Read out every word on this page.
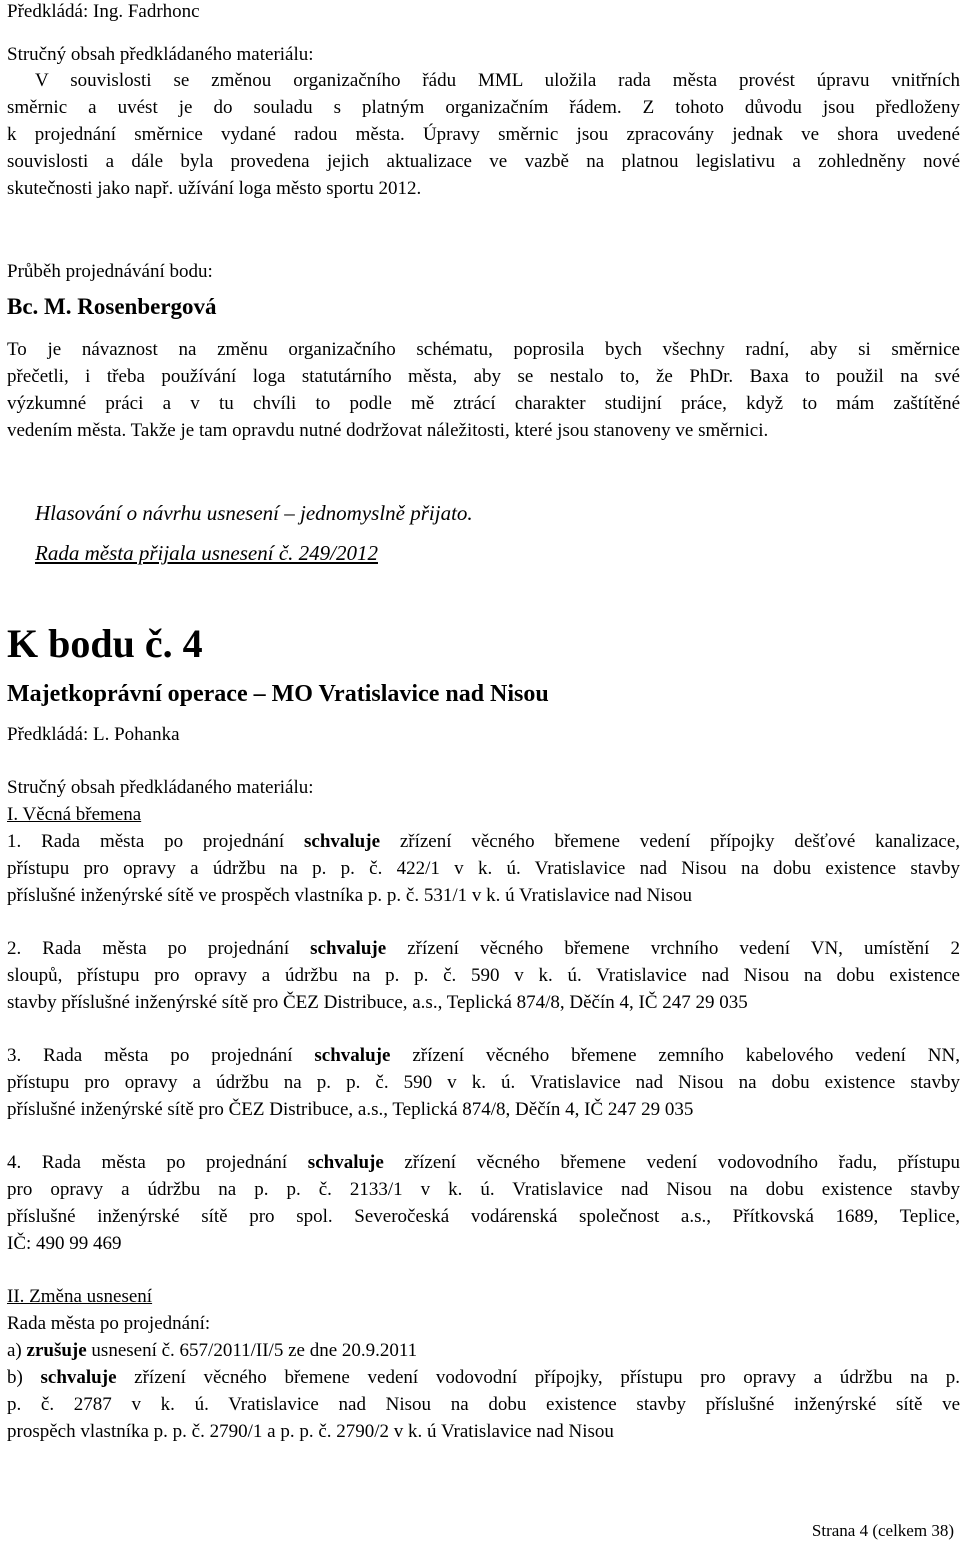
Předkládá: Ing. Fadrhonc
Stručný obsah předkládaného materiálu:
V souvislosti se změnou organizačního řádu MML uložila rada města provést úpravu vnitřních
směrnic a uvést je do souladu s platným organizačním řádem. Z tohoto důvodu jsou předloženy
k projednání směrnice vydané radou města. Úpravy směrnic jsou zpracovány jednak ve shora uvedené
souvislosti a dále byla provedena jejich aktualizace ve vazbě na platnou legislativu a zohledněny nové
skutečnosti jako např. užívání loga město sportu 2012.
Průběh projednávání bodu:
Bc. M. Rosenbergová
To je návaznost na změnu organizačního schématu, poprosila bych všechny radní, aby si směrnice
přečetli, i třeba používání loga statutárního města, aby se nestalo to, že PhDr. Baxa to použil na své
výzkumné práci a v tu chvíli to podle mě ztrácí charakter studijní práce, když to mám zaštítěné
vedením města. Takže je tam opravdu nutné dodržovat náležitosti, které jsou stanoveny ve směrnici.
Hlasování o návrhu usnesení – jednomyslně přijato.
Rada města přijala usnesení č. 249/2012
K bodu č. 4
Majetkoprávní operace – MO Vratislavice nad Nisou
Předkládá: L. Pohanka
Stručný obsah předkládaného materiálu:
I. Věcná břemena
1. Rada města po projednání schvaluje zřízení věcného břemene vedení přípojky dešťové kanalizace,
přístupu pro opravy a údržbu na p. p. č. 422/1 v k. ú. Vratislavice nad Nisou na dobu existence stavby
příslušné inženýrské sítě ve prospěch vlastníka p. p. č. 531/1 v k. ú Vratislavice nad Nisou
2. Rada města po projednání schvaluje zřízení věcného břemene vrchního vedení VN, umístění 2
sloupů, přístupu pro opravy a údržbu na p. p. č. 590 v k. ú. Vratislavice nad Nisou na dobu existence
stavby příslušné inženýrské sítě pro ČEZ Distribuce, a.s., Teplická 874/8, Děčín 4, IČ 247 29 035
3. Rada města po projednání schvaluje zřízení věcného břemene zemního kabelového vedení NN,
přístupu pro opravy a údržbu na p. p. č. 590 v k. ú. Vratislavice nad Nisou na dobu existence stavby
příslušné inženýrské sítě pro ČEZ Distribuce, a.s., Teplická 874/8, Děčín 4, IČ 247 29 035
4. Rada města po projednání schvaluje zřízení věcného břemene vedení vodovodního řadu, přístupu
pro opravy a údržbu na p. p. č. 2133/1 v k. ú. Vratislavice nad Nisou na dobu existence stavby
příslušné inženýrské sítě pro spol. Severočeská vodárenská společnost a.s., Přítkovská 1689, Teplice,
IČ: 490 99 469
II. Změna usnesení
Rada města po projednání:
a) zrušuje usnesení č. 657/2011/II/5 ze dne 20.9.2011
b) schvaluje zřízení věcného břemene vedení vodovodní přípojky, přístupu pro opravy a údržbu na p.
p. č. 2787 v k. ú. Vratislavice nad Nisou na dobu existence stavby příslušné inženýrské sítě ve
prospěch vlastníka p. p. č. 2790/1 a p. p. č. 2790/2 v k. ú Vratislavice nad Nisou
Strana 4 (celkem 38)
